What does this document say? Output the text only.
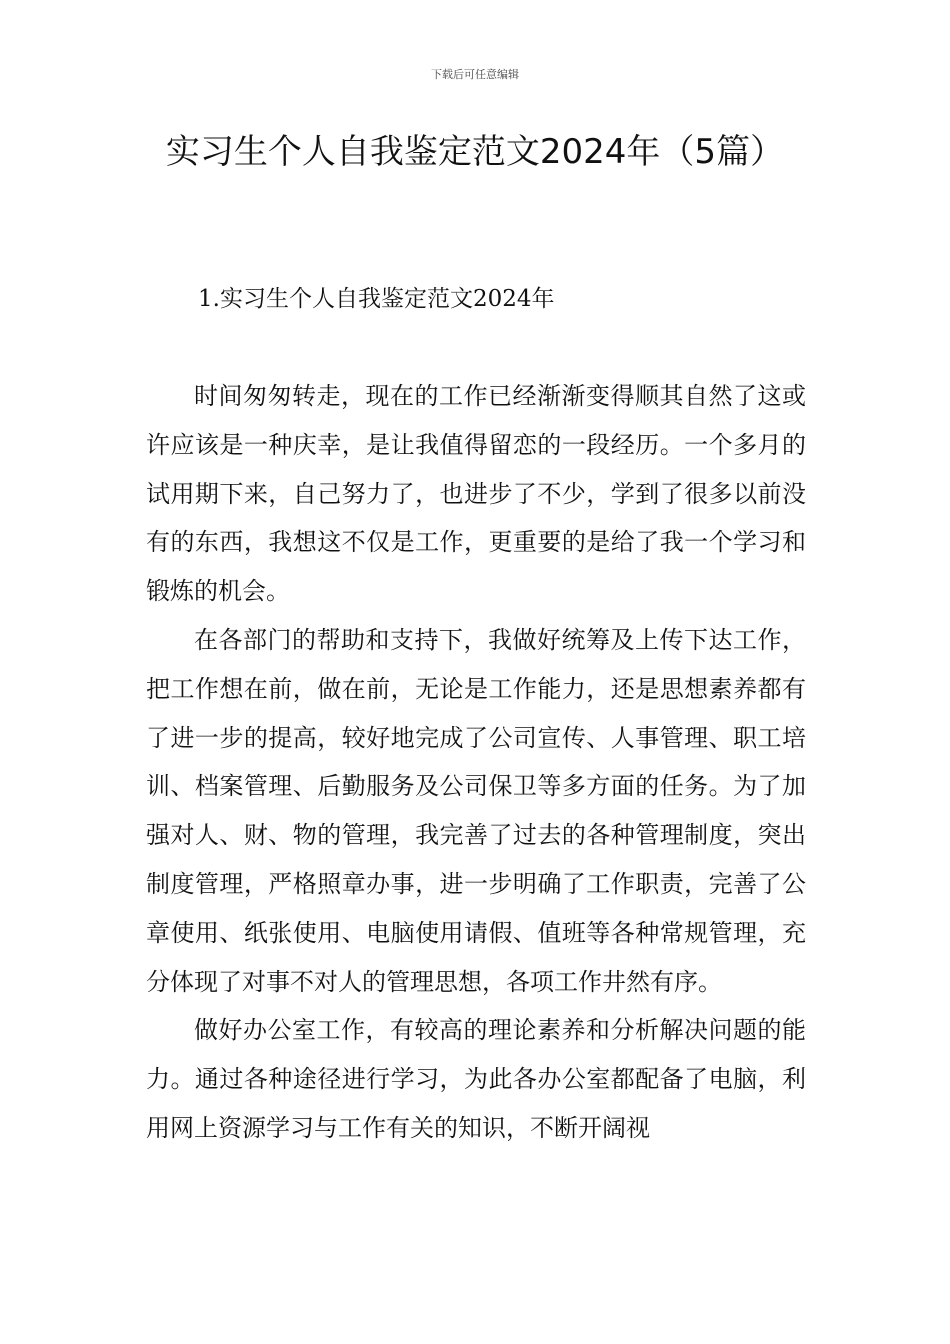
下载后可任意编辑
实习生个人自我鉴定范文2024年（5篇）
1.实习生个人自我鉴定范文2024年

时间匆匆转走，现在的工作已经渐渐变得顺其自然了这或许应该是一种庆幸，是让我值得留恋的一段经历。一个多月的试用期下来，自己努力了，也进步了不少，学到了很多以前没有的东西，我想这不仅是工作，更重要的是给了我一个学习和锻炼的机会。

在各部门的帮助和支持下，我做好统筹及上传下达工作，把工作想在前，做在前，无论是工作能力，还是思想素养都有了进一步的提高，较好地完成了公司宣传、人事管理、职工培训、档案管理、后勤服务及公司保卫等多方面的任务。为了加强对人、财、物的管理，我完善了过去的各种管理制度，突出制度管理，严格照章办事，进一步明确了工作职责，完善了公章使用、纸张使用、电脑使用请假、值班等各种常规管理，充分体现了对事不对人的管理思想，各项工作井然有序。

做好办公室工作，有较高的理论素养和分析解决问题的能力。通过各种途径进行学习，为此各办公室都配备了电脑，利用网上资源学习与工作有关的知识，不断开阔视
